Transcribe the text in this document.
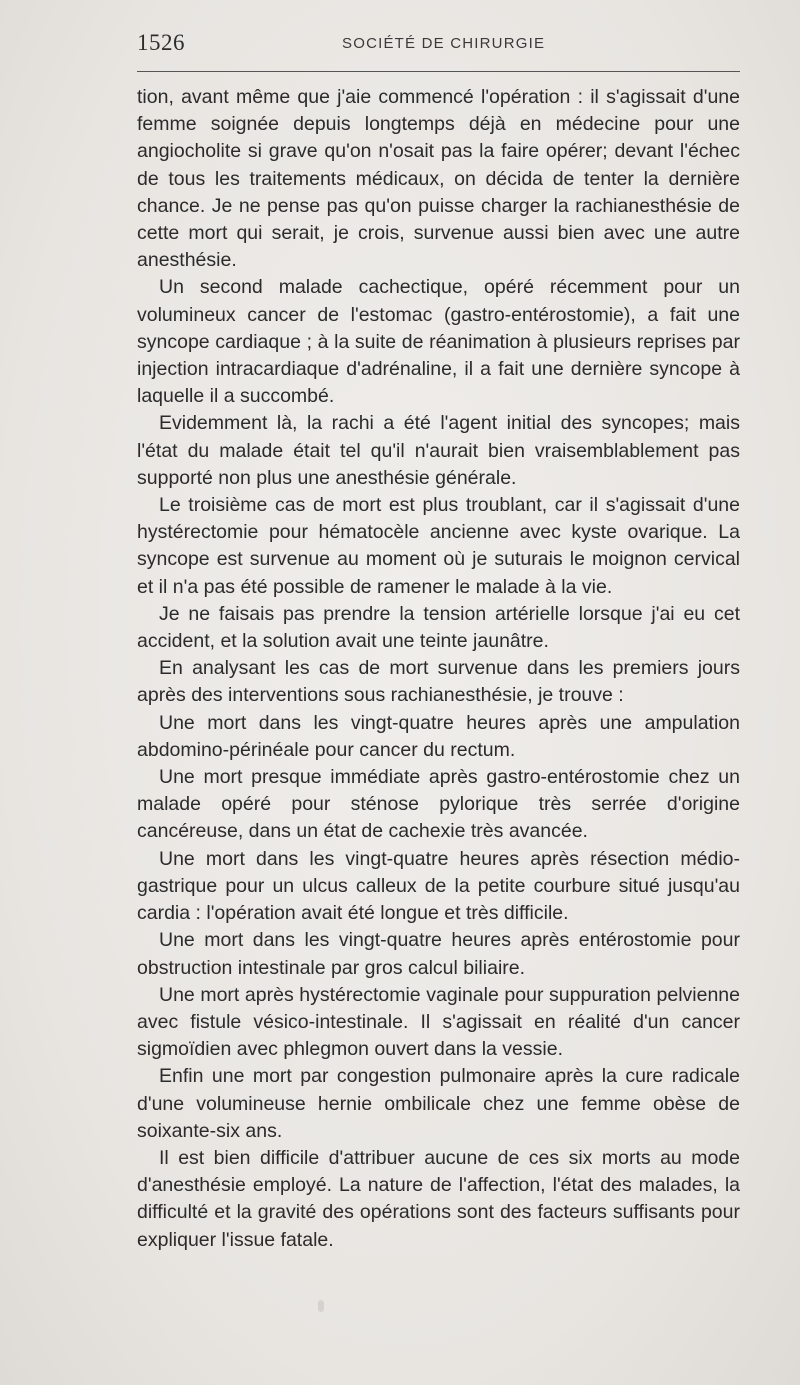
1526	SOCIÉTÉ DE CHIRURGIE

tion, avant même que j'aie commencé l'opération : il s'agissait d'une femme soignée depuis longtemps déjà en médecine pour une angiocholite si grave qu'on n'osait pas la faire opérer; devant l'échec de tous les traitements médicaux, on décida de tenter la dernière chance. Je ne pense pas qu'on puisse charger la rachianesthésie de cette mort qui serait, je crois, survenue aussi bien avec une autre anesthésie.

Un second malade cachectique, opéré récemment pour un volumineux cancer de l'estomac (gastro-entérostomie), a fait une syncope cardiaque ; à la suite de réanimation à plusieurs reprises par injection intracardiaque d'adrénaline, il a fait une dernière syncope à laquelle il a succombé.

Evidemment là, la rachi a été l'agent initial des syncopes; mais l'état du malade était tel qu'il n'aurait bien vraisemblablement pas supporté non plus une anesthésie générale.

Le troisième cas de mort est plus troublant, car il s'agissait d'une hystérectomie pour hématocèle ancienne avec kyste ovarique. La syncope est survenue au moment où je suturais le moignon cervical et il n'a pas été possible de ramener le malade à la vie.

Je ne faisais pas prendre la tension artérielle lorsque j'ai eu cet accident, et la solution avait une teinte jaunâtre.

En analysant les cas de mort survenue dans les premiers jours après des interventions sous rachianesthésie, je trouve :

Une mort dans les vingt-quatre heures après une ampulation abdomino-périnéale pour cancer du rectum.

Une mort presque immédiate après gastro-entérostomie chez un malade opéré pour sténose pylorique très serrée d'origine cancéreuse, dans un état de cachexie très avancée.

Une mort dans les vingt-quatre heures après résection médio-gastrique pour un ulcus calleux de la petite courbure situé jusqu'au cardia : l'opération avait été longue et très difficile.

Une mort dans les vingt-quatre heures après entérostomie pour obstruction intestinale par gros calcul biliaire.

Une mort après hystérectomie vaginale pour suppuration pelvienne avec fistule vésico-intestinale. Il s'agissait en réalité d'un cancer sigmoïdien avec phlegmon ouvert dans la vessie.

Enfin une mort par congestion pulmonaire après la cure radicale d'une volumineuse hernie ombilicale chez une femme obèse de soixante-six ans.

Il est bien difficile d'attribuer aucune de ces six morts au mode d'anesthésie employé. La nature de l'affection, l'état des malades, la difficulté et la gravité des opérations sont des facteurs suffisants pour expliquer l'issue fatale.
